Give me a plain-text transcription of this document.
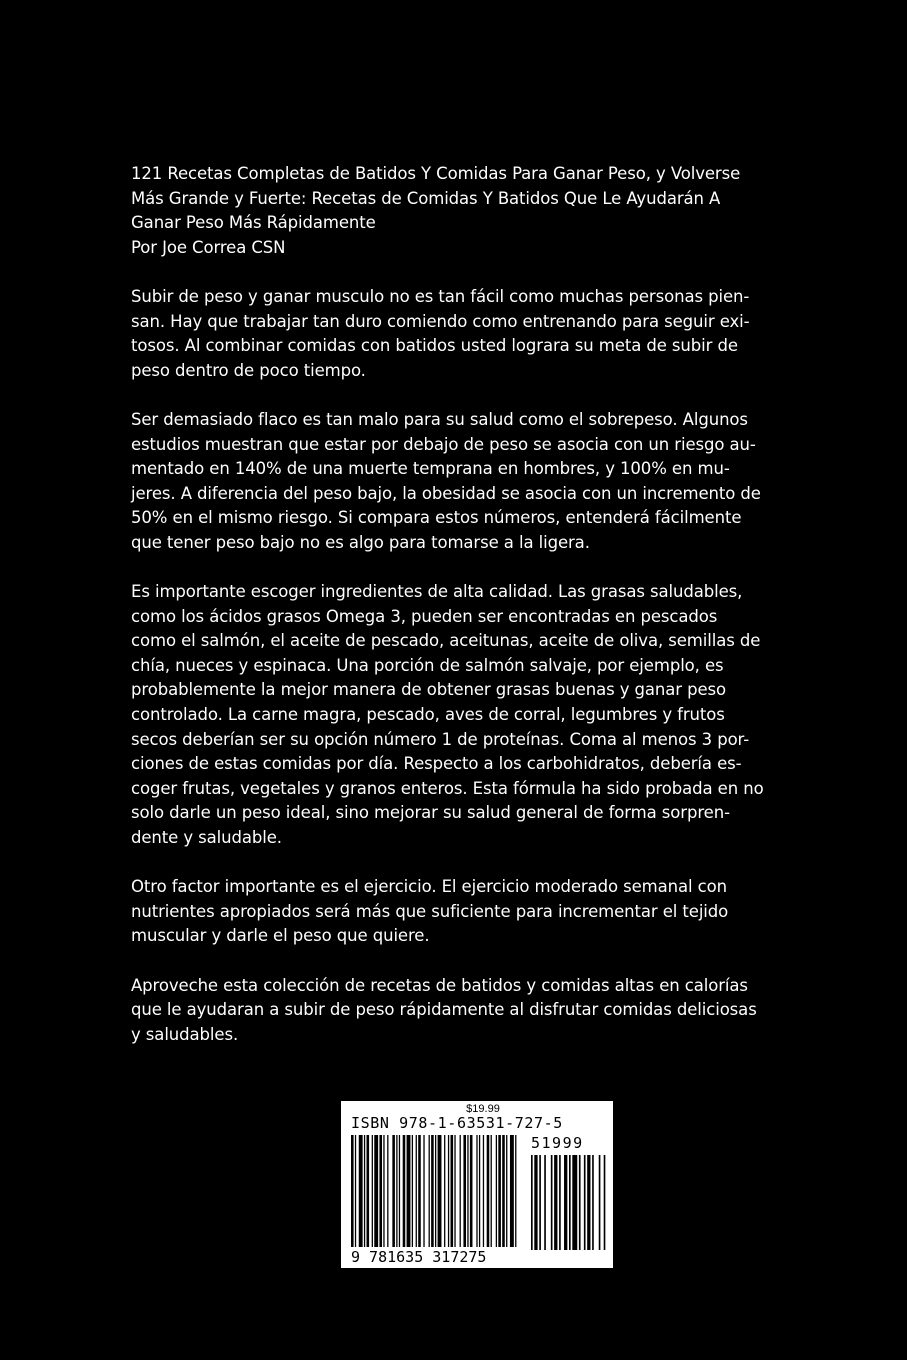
121 Recetas Completas de Batidos Y Comidas Para Ganar Peso, y Volverse
Más Grande y Fuerte: Recetas de Comidas Y Batidos Que Le Ayudarán A
Ganar Peso Más Rápidamente
Por Joe Correa CSN
Subir de peso y ganar musculo no es tan fácil como muchas personas pien-
san. Hay que trabajar tan duro comiendo como entrenando para seguir exi-
tosos. Al combinar comidas con batidos usted lograra su meta de subir de
peso dentro de poco tiempo.
Ser demasiado flaco es tan malo para su salud como el sobrepeso. Algunos
estudios muestran que estar por debajo de peso se asocia con un riesgo au-
mentado en 140% de una muerte temprana en hombres, y 100% en mu-
jeres. A diferencia del peso bajo, la obesidad se asocia con un incremento de
50% en el mismo riesgo. Si compara estos números, entenderá fácilmente
que tener peso bajo no es algo para tomarse a la ligera.
Es importante escoger ingredientes de alta calidad. Las grasas saludables,
como los ácidos grasos Omega 3, pueden ser encontradas en pescados
como el salmón, el aceite de pescado, aceitunas, aceite de oliva, semillas de
chía, nueces y espinaca. Una porción de salmón salvaje, por ejemplo, es
probablemente la mejor manera de obtener grasas buenas y ganar peso
controlado. La carne magra, pescado, aves de corral, legumbres y frutos
secos deberían ser su opción número 1 de proteínas. Coma al menos 3 por-
ciones de estas comidas por día. Respecto a los carbohidratos, debería es-
coger frutas, vegetales y granos enteros. Esta fórmula ha sido probada en no
solo darle un peso ideal, sino mejorar su salud general de forma sorpren-
dente y saludable.
Otro factor importante es el ejercicio. El ejercicio moderado semanal con
nutrientes apropiados será más que suficiente para incrementar el tejido
muscular y darle el peso que quiere.
Aproveche esta colección de recetas de batidos y comidas altas en calorías
que le ayudaran a subir de peso rápidamente al disfrutar comidas deliciosas
y saludables.
$19.99
ISBN 978-1-63531-727-5
51999
9 781635 317275
